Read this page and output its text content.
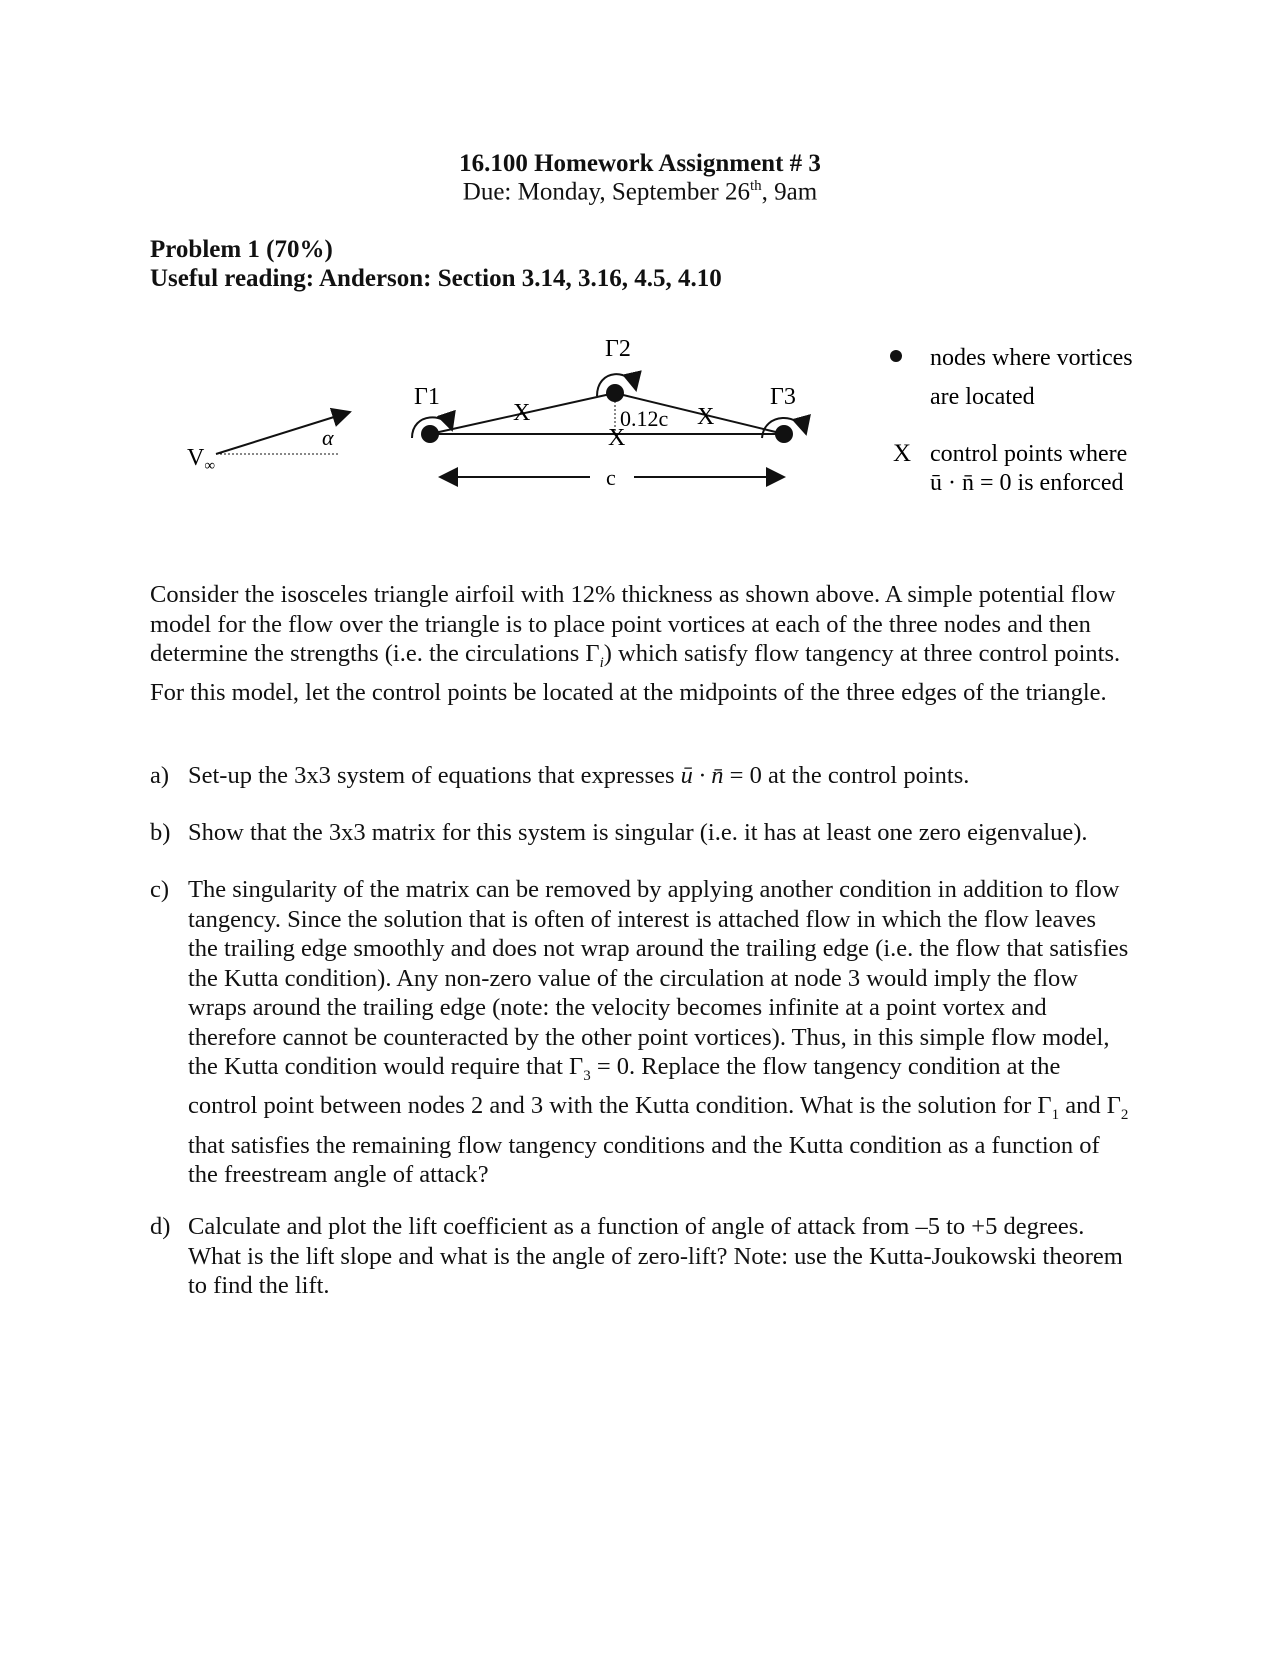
16.100 Homework Assignment # 3
Due: Monday, September 26th, 9am
Problem 1 (70%)
Useful reading: Anderson: Section 3.14, 3.16, 4.5, 4.10
$V_\infty$
α
Γ1
Γ2
Γ3
X
X
X
0.12c
c
nodes where vortices
are located
X control points where
ū · n̄ = 0 is enforced
Consider the isosceles triangle airfoil with 12% thickness as shown above. A simple potential flow model for the flow over the triangle is to place point vortices at each of the three nodes and then determine the strengths (i.e. the circulations $\Gamma_i$) which satisfy flow tangency at three control points. For this model, let the control points be located at the midpoints of the three edges of the triangle.
a) Set-up the 3x3 system of equations that expresses ū · n̄ = 0 at the control points.
b) Show that the 3x3 matrix for this system is singular (i.e. it has at least one zero eigenvalue).
c) The singularity of the matrix can be removed by applying another condition in addition to flow tangency. Since the solution that is often of interest is attached flow in which the flow leaves the trailing edge smoothly and does not wrap around the trailing edge (i.e. the flow that satisfies the Kutta condition). Any non-zero value of the circulation at node 3 would imply the flow wraps around the trailing edge (note: the velocity becomes infinite at a point vortex and therefore cannot be counteracted by the other point vortices). Thus, in this simple flow model, the Kutta condition would require that $\Gamma_3 = 0$. Replace the flow tangency condition at the control point between nodes 2 and 3 with the Kutta condition. What is the solution for $\Gamma_1$ and $\Gamma_2$ that satisfies the remaining flow tangency conditions and the Kutta condition as a function of the freestream angle of attack?
d) Calculate and plot the lift coefficient as a function of angle of attack from –5 to +5 degrees. What is the lift slope and what is the angle of zero-lift? Note: use the Kutta-Joukowski theorem to find the lift.
